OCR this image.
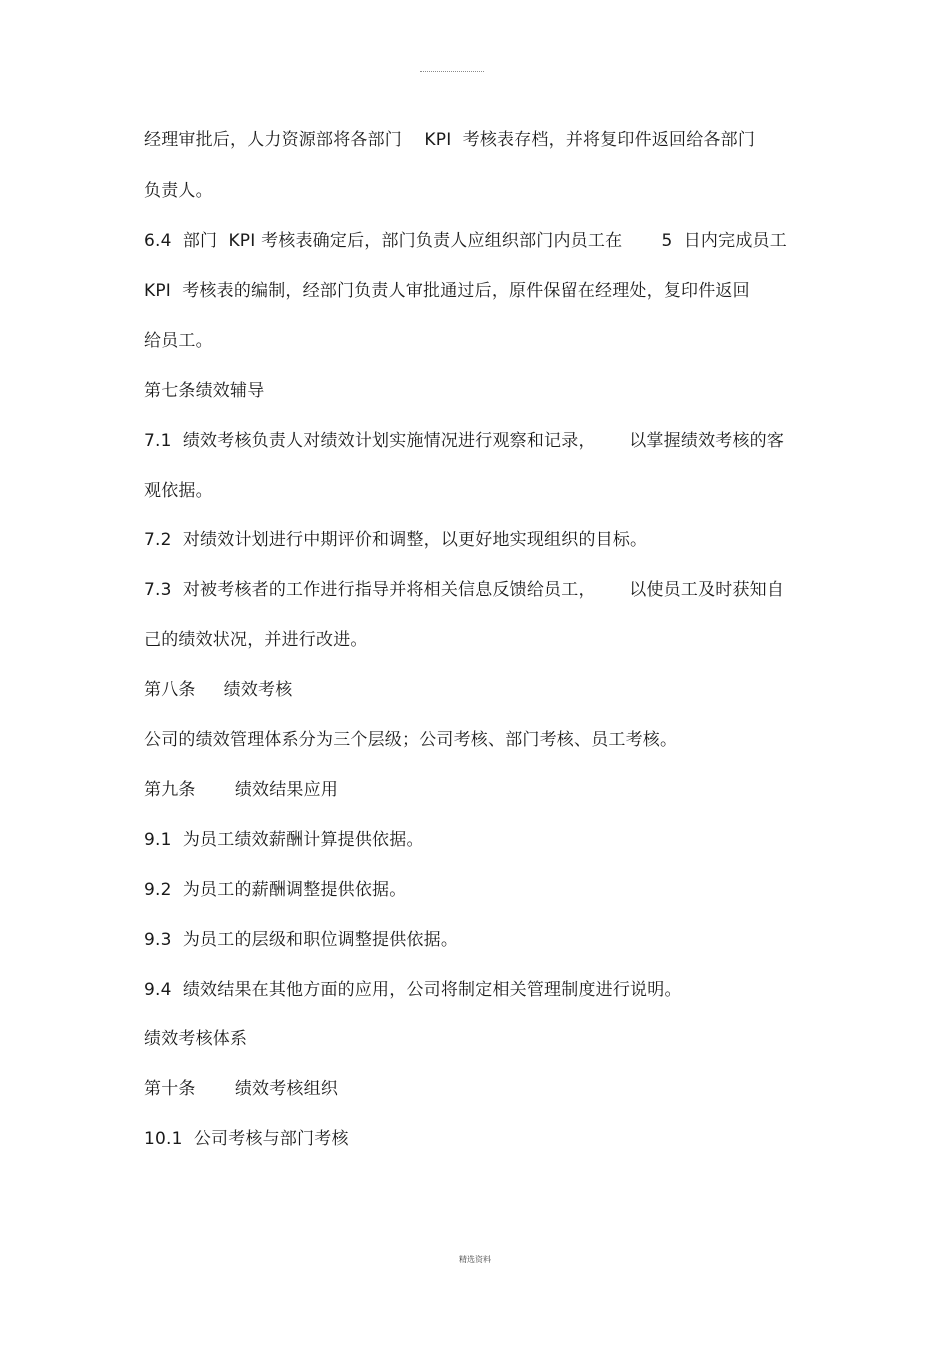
经理审批后，人力资源部将各部门    KPI  考核表存档，并将复印件返回给各部门
负责人。
6.4  部门  KPI 考核表确定后，部门负责人应组织部门内员工在       5  日内完成员工
KPI  考核表的编制，经部门负责人审批通过后，原件保留在经理处，复印件返回
给员工。
第七条绩效辅导
7.1  绩效考核负责人对绩效计划实施情况进行观察和记录，      以掌握绩效考核的客
观依据。
7.2  对绩效计划进行中期评价和调整，以更好地实现组织的目标。
7.3  对被考核者的工作进行指导并将相关信息反馈给员工，      以使员工及时获知自
己的绩效状况，并进行改进。
第八条     绩效考核
公司的绩效管理体系分为三个层级；公司考核、部门考核、员工考核。
第九条       绩效结果应用
9.1  为员工绩效薪酬计算提供依据。
9.2  为员工的薪酬调整提供依据。
9.3  为员工的层级和职位调整提供依据。
9.4  绩效结果在其他方面的应用，公司将制定相关管理制度进行说明。
绩效考核体系
第十条       绩效考核组织
10.1  公司考核与部门考核
精选资料
